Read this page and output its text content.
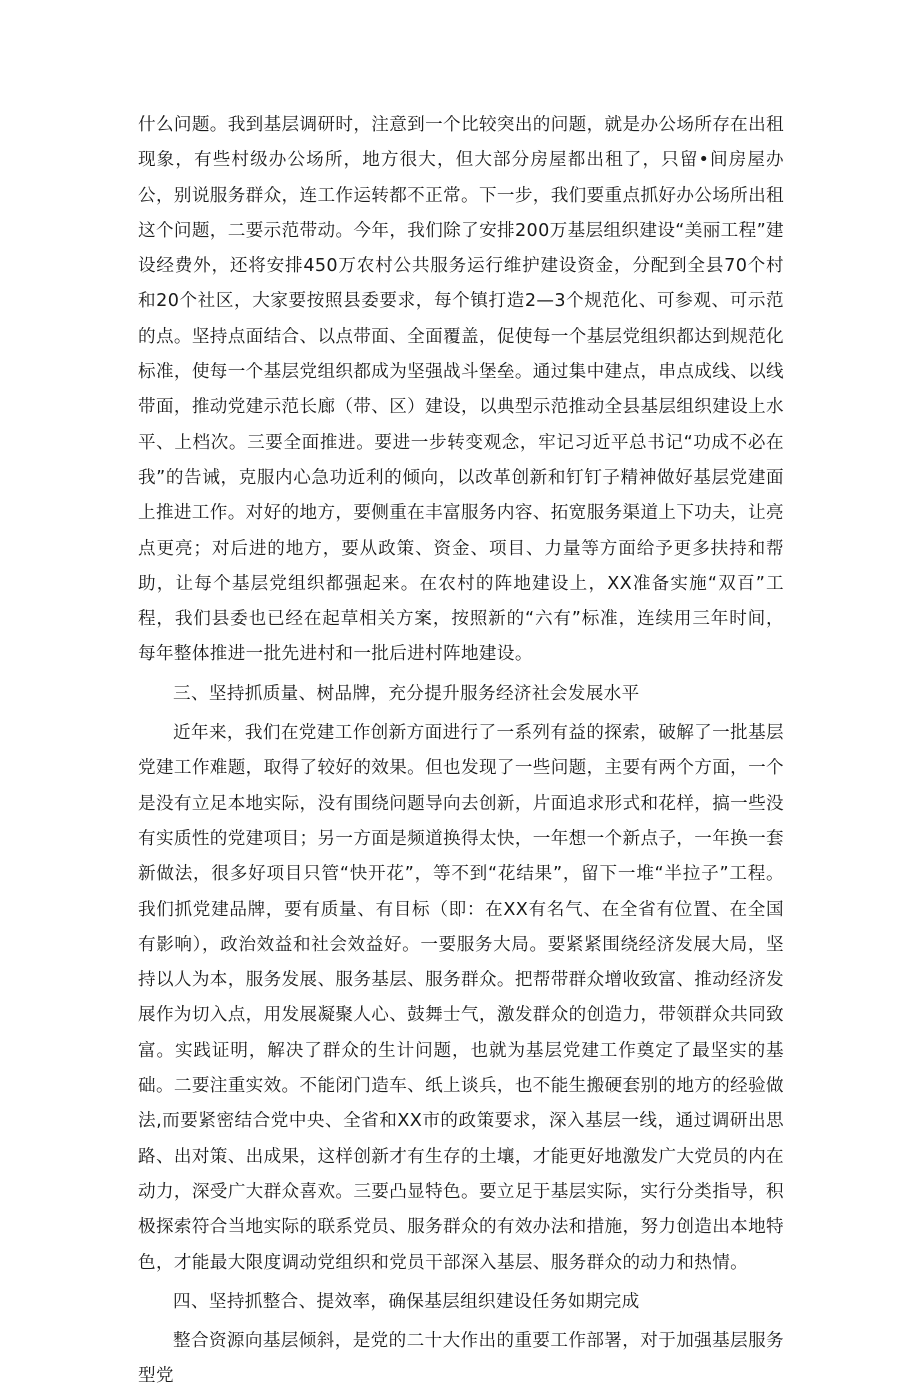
什么问题。我到基层调研时，注意到一个比较突出的问题，就是办公场所存在出租现象，有些村级办公场所，地方很大，但大部分房屋都出租了，只留•间房屋办公，别说服务群众，连工作运转都不正常。下一步，我们要重点抓好办公场所出租这个问题，二要示范带动。今年，我们除了安排200万基层组织建设“美丽工程”建设经费外，还将安排450万农村公共服务运行维护建设资金，分配到全县70个村和20个社区，大家要按照县委要求，每个镇打造2—3个规范化、可参观、可示范的点。坚持点面结合、以点带面、全面覆盖，促使每一个基层党组织都达到规范化标准，使每一个基层党组织都成为坚强战斗堡垒。通过集中建点，串点成线、以线带面，推动党建示范长廊（带、区）建设，以典型示范推动全县基层组织建设上水平、上档次。三要全面推进。要进一步转变观念，牢记习近平总书记“功成不必在我”的告诫，克服内心急功近利的倾向，以改革创新和钉钉子精神做好基层党建面上推进工作。对好的地方，要侧重在丰富服务内容、拓宽服务渠道上下功夫，让亮点更亮；对后进的地方，要从政策、资金、项目、力量等方面给予更多扶持和帮助，让每个基层党组织都强起来。在农村的阵地建设上，XX准备实施“双百”工程，我们县委也已经在起草相关方案，按照新的“六有”标准，连续用三年时间，每年整体推进一批先进村和一批后进村阵地建设。

三、坚持抓质量、树品牌，充分提升服务经济社会发展水平

近年来，我们在党建工作创新方面进行了一系列有益的探索，破解了一批基层党建工作难题，取得了较好的效果。但也发现了一些问题，主要有两个方面，一个是没有立足本地实际，没有围绕问题导向去创新，片面追求形式和花样，搞一些没有实质性的党建项目；另一方面是频道换得太快，一年想一个新点子，一年换一套新做法，很多好项目只管“快开花”，等不到“花结果”，留下一堆“半拉子”工程。我们抓党建品牌，要有质量、有目标（即：在XX有名气、在全省有位置、在全国有影响），政治效益和社会效益好。一要服务大局。要紧紧围绕经济发展大局，坚持以人为本，服务发展、服务基层、服务群众。把帮带群众增收致富、推动经济发展作为切入点，用发展凝聚人心、鼓舞士气，激发群众的创造力，带领群众共同致富。实践证明，解决了群众的生计问题，也就为基层党建工作奠定了最坚实的基础。二要注重实效。不能闭门造车、纸上谈兵，也不能生搬硬套别的地方的经验做法,而要紧密结合党中央、全省和XX市的政策要求，深入基层一线，通过调研出思路、出对策、出成果，这样创新才有生存的土壤，才能更好地激发广大党员的内在动力，深受广大群众喜欢。三要凸显特色。要立足于基层实际，实行分类指导，积极探索符合当地实际的联系党员、服务群众的有效办法和措施，努力创造出本地特色，才能最大限度调动党组织和党员干部深入基层、服务群众的动力和热情。

四、坚持抓整合、提效率，确保基层组织建设任务如期完成

整合资源向基层倾斜，是党的二十大作出的重要工作部署，对于加强基层服务型党
